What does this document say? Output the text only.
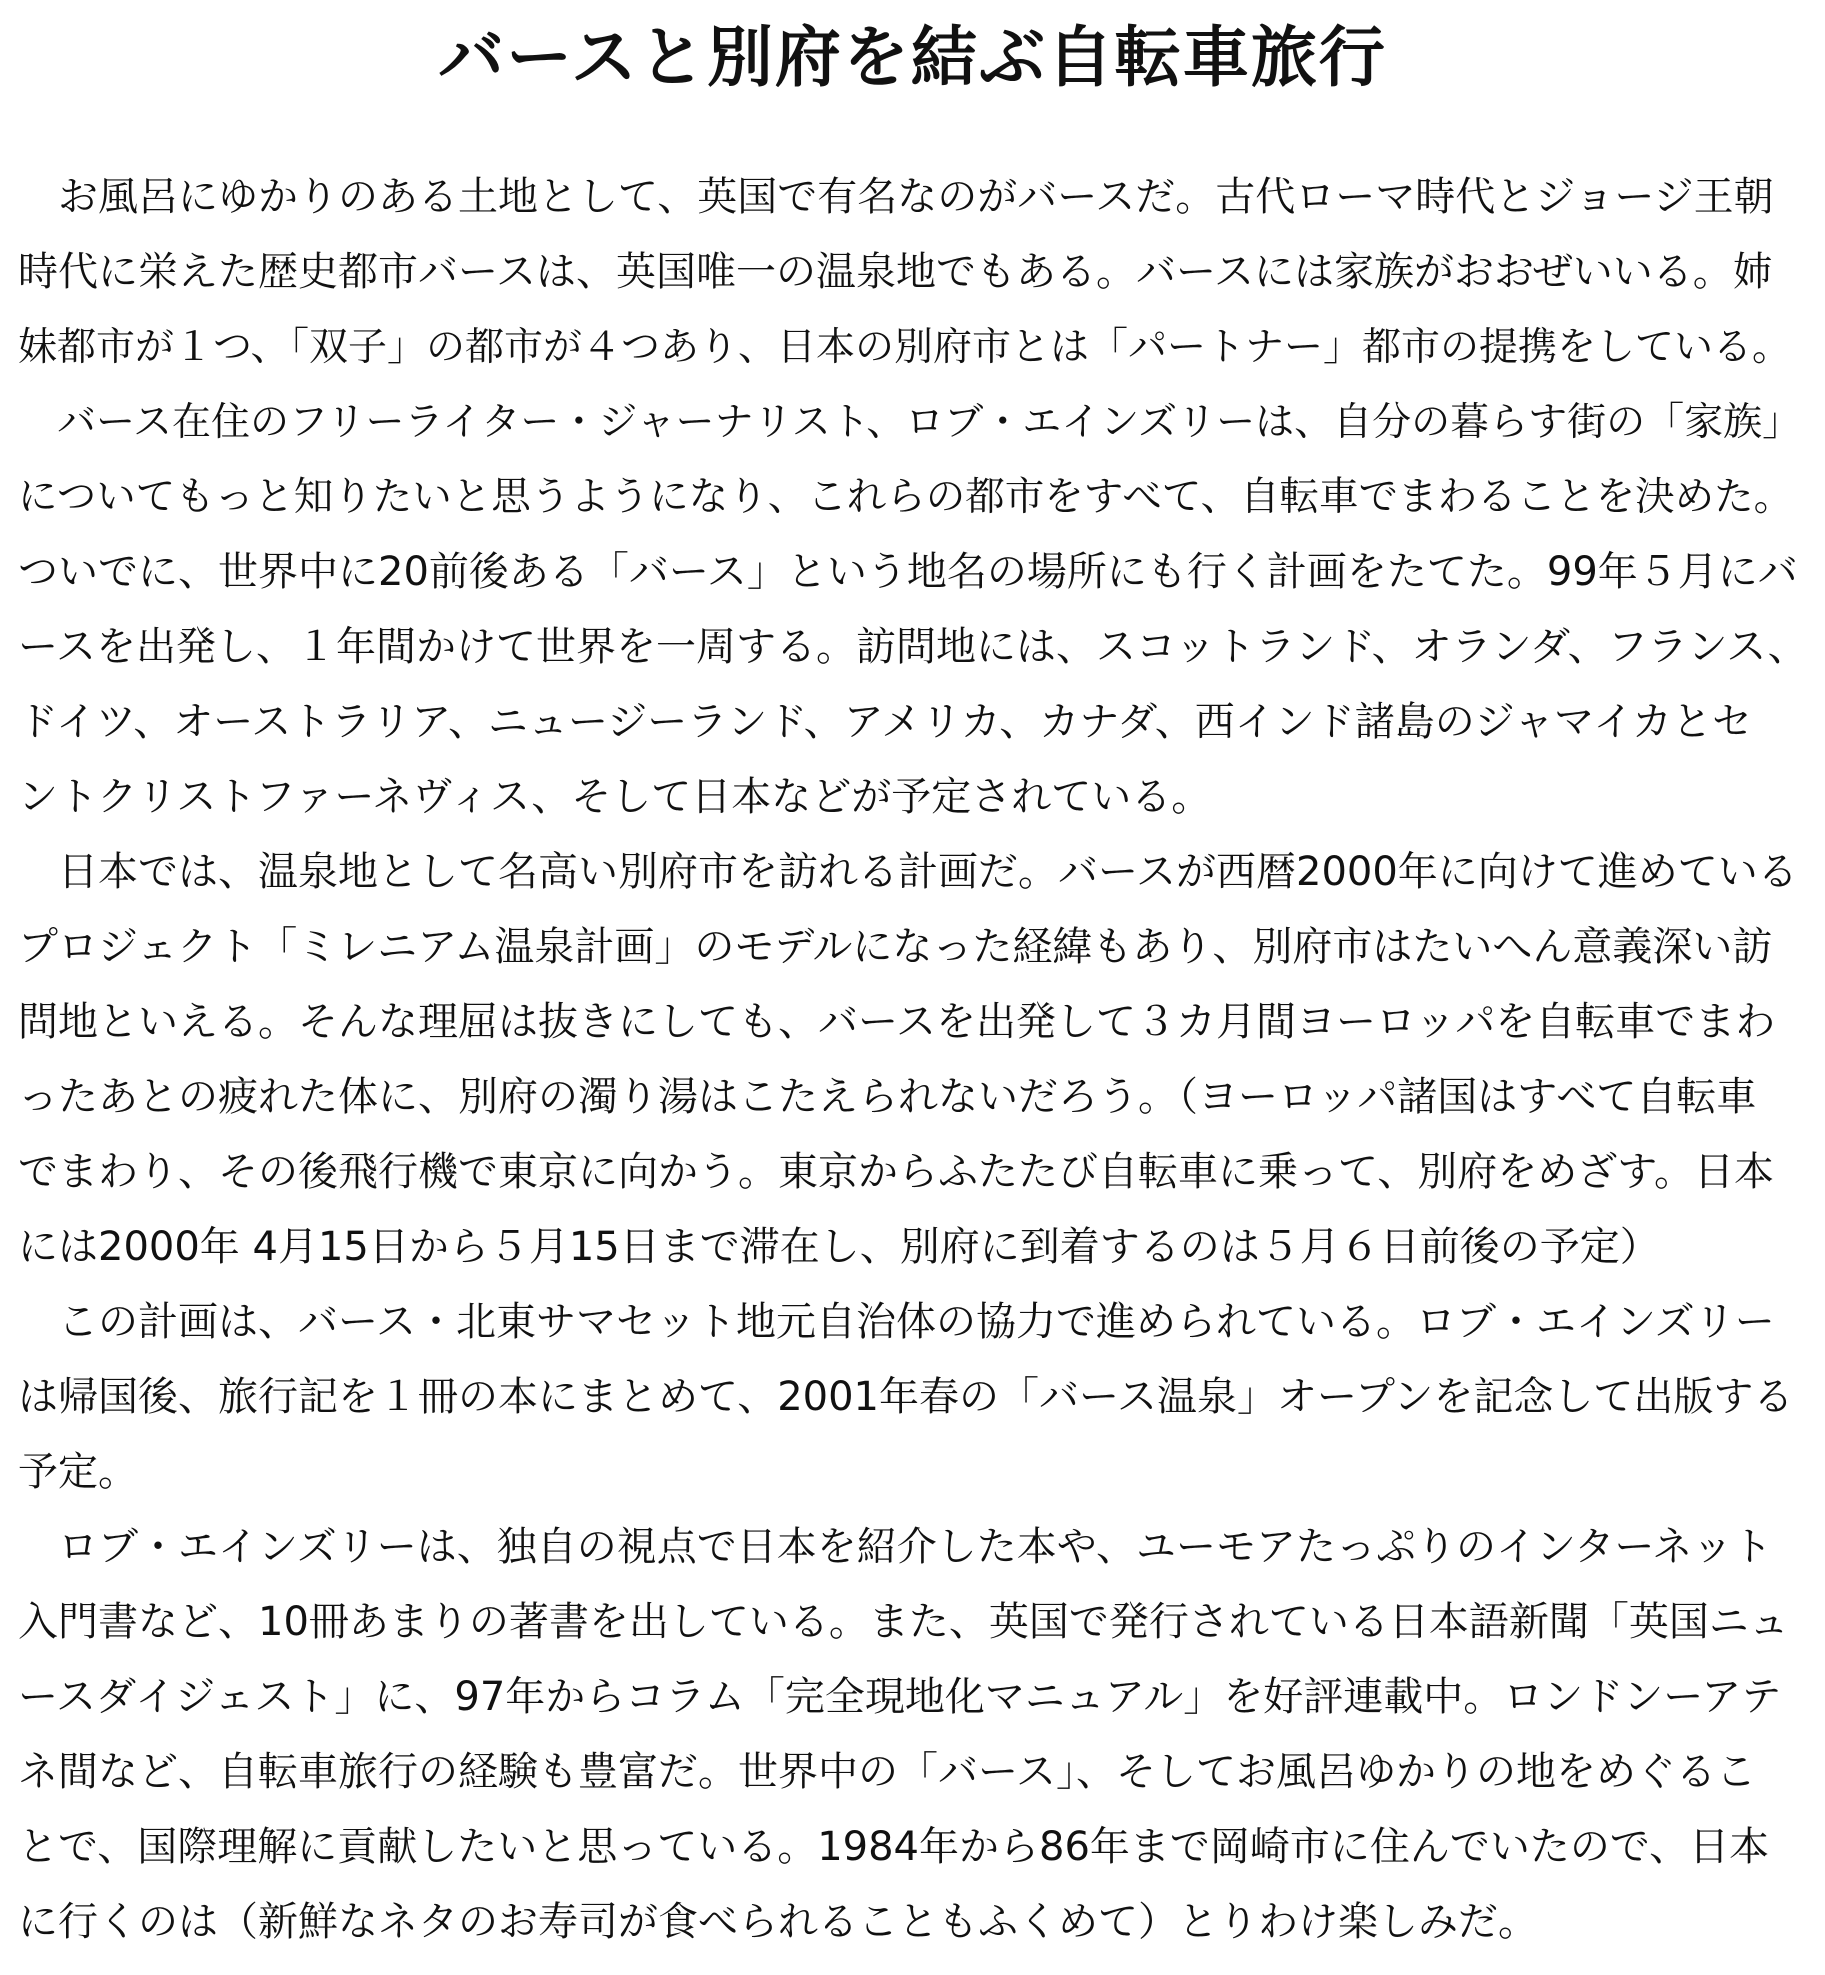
バースと別府を結ぶ自転車旅行
　お風呂にゆかりのある土地として、英国で有名なのがバースだ。古代ローマ時代とジョージ王朝
時代に栄えた歴史都市バースは、英国唯一の温泉地でもある。バースには家族がおおぜいいる。姉
妹都市が１つ、「双子」の都市が４つあり、日本の別府市とは「パートナー」都市の提携をしている。
　バース在住のフリーライター・ジャーナリスト、ロブ・エインズリーは、自分の暮らす街の「家族」
についてもっと知りたいと思うようになり、これらの都市をすべて、自転車でまわることを決めた。
ついでに、世界中に20前後ある「バース」という地名の場所にも行く計画をたてた。99年５月にバ
ースを出発し、１年間かけて世界を一周する。訪問地には、スコットランド、オランダ、フランス、
ドイツ、オーストラリア、ニュージーランド、アメリカ、カナダ、西インド諸島のジャマイカとセ
ントクリストファーネヴィス、そして日本などが予定されている。
　日本では、温泉地として名高い別府市を訪れる計画だ。バースが西暦2000年に向けて進めている
プロジェクト「ミレニアム温泉計画」のモデルになった経緯もあり、別府市はたいへん意義深い訪
問地といえる。そんな理屈は抜きにしても、バースを出発して３カ月間ヨーロッパを自転車でまわ
ったあとの疲れた体に、別府の濁り湯はこたえられないだろう。（ヨーロッパ諸国はすべて自転車
でまわり、その後飛行機で東京に向かう。東京からふたたび自転車に乗って、別府をめざす。日本
には2000年 4月15日から５月15日まで滞在し、別府に到着するのは５月６日前後の予定）
　この計画は、バース・北東サマセット地元自治体の協力で進められている。ロブ・エインズリー
は帰国後、旅行記を１冊の本にまとめて、2001年春の「バース温泉」オープンを記念して出版する
予定。
　ロブ・エインズリーは、独自の視点で日本を紹介した本や、ユーモアたっぷりのインターネット
入門書など、10冊あまりの著書を出している。また、英国で発行されている日本語新聞「英国ニュ
ースダイジェスト」に、97年からコラム「完全現地化マニュアル」を好評連載中。ロンドンーアテ
ネ間など、自転車旅行の経験も豊富だ。世界中の「バース」、そしてお風呂ゆかりの地をめぐるこ
とで、国際理解に貢献したいと思っている。1984年から86年まで岡崎市に住んでいたので、日本
に行くのは（新鮮なネタのお寿司が食べられることもふくめて）とりわけ楽しみだ。
